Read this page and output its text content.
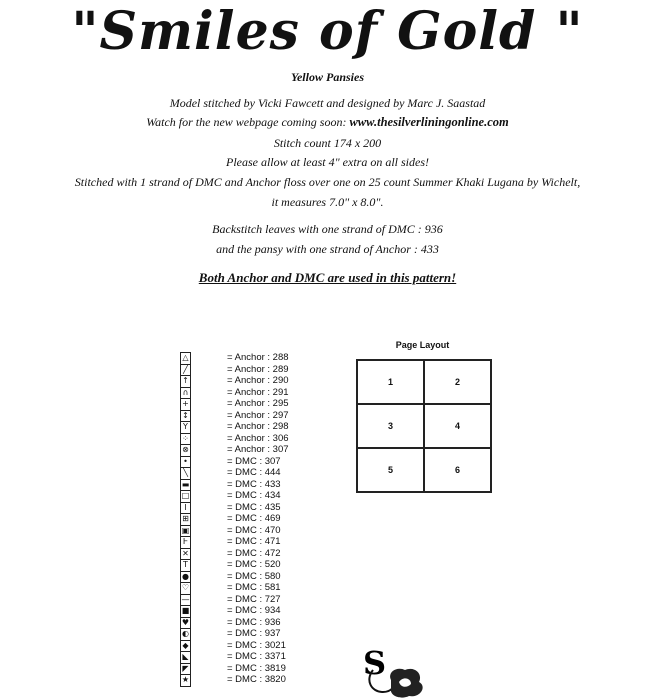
"Smiles of Gold "
Yellow Pansies
Model stitched by Vicki Fawcett and designed by Marc J. Saastad
Watch for the new webpage coming soon: www.thesilverliningonline.com
Stitch count 174 x 200
Please allow at least 4" extra on all sides!
Stitched with 1 strand of DMC and Anchor floss over one on 25 count Summer Khaki Lugana by Wichelt,
it measures 7.0" x 8.0".
Backstitch leaves with one strand of DMC : 936
and the pansy with one strand of Anchor : 433
Both Anchor and DMC are used in this pattern!
△	= Anchor : 288
╱	= Anchor : 289
↑	= Anchor : 290
∩	= Anchor : 291
+	= Anchor : 295
↕	= Anchor : 297
Y	= Anchor : 298
⁘	= Anchor : 306
⊗	= Anchor : 307
•	= DMC : 307
╲	= DMC : 444
▬	= DMC : 433
□	= DMC : 434
I	= DMC : 435
⊞	= DMC : 469
▣	= DMC : 470
Ⱶ	= DMC : 471
✕	= DMC : 472
T	= DMC : 520
●	= DMC : 580
♡	= DMC : 581
—	= DMC : 727
■	= DMC : 934
♥	= DMC : 936
◐	= DMC : 937
◆	= DMC : 3021
◣	= DMC : 3371
◤	= DMC : 3819
★	= DMC : 3820
Page Layout
1	2
3	4
5	6
S
